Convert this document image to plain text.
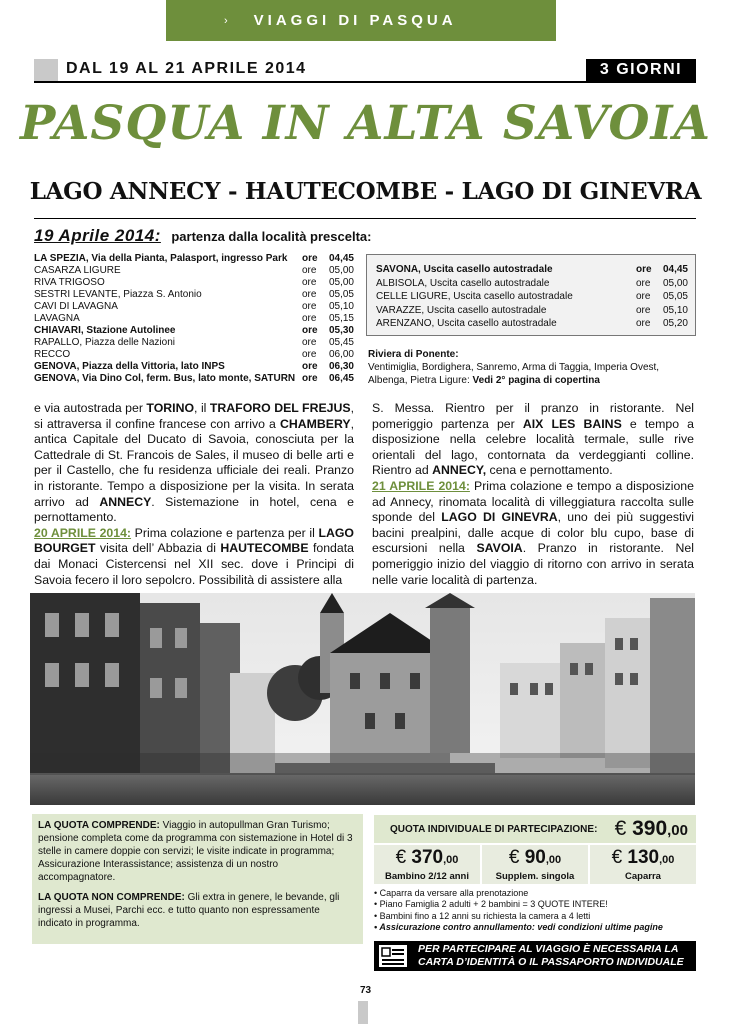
› VIAGGI DI PASQUA
DAL 19 AL 21 APRILE 2014	3 GIORNI
PASQUA IN ALTA SAVOIA
LAGO ANNECY - HAUTECOMBE - LAGO DI GINEVRA
19 Aprile 2014: partenza dalla località prescelta:
LA SPEZIA, Via della Pianta, Palasport, ingresso Park	ore	04,45
CASARZA LIGURE	ore	05,00
RIVA TRIGOSO	ore	05,00
SESTRI LEVANTE, Piazza S. Antonio	ore	05,05
CAVI DI LAVAGNA	ore	05,10
LAVAGNA	ore	05,15
CHIAVARI, Stazione Autolinee	ore	05,30
RAPALLO, Piazza delle Nazioni	ore	05,45
RECCO	ore	06,00
GENOVA, Piazza della Vittoria, lato INPS	ore	06,30
GENOVA, Via Dino Col, ferm. Bus, lato monte, SATURN ore	06,45
SAVONA, Uscita casello autostradale	ore	04,45
ALBISOLA, Uscita casello autostradale	ore	05,00
CELLE LIGURE, Uscita casello autostradale	ore	05,05
VARAZZE, Uscita casello autostradale	ore	05,10
ARENZANO, Uscita casello autostradale	ore	05,20
Riviera di Ponente:
Ventimiglia, Bordighera, Sanremo, Arma di Taggia, Imperia Ovest,
Albenga, Pietra Ligure: Vedi 2° pagina di copertina
e via autostrada per TORINO, il TRAFORO DEL FREJUS, si attraversa il confine francese con arrivo a CHAMBERY, antica Capitale del Ducato di Savoia, conosciuta per la Cattedrale di St. Francois de Sales, il museo di belle arti e per il Castello, che fu residenza ufficiale dei reali. Pranzo in ristorante. Tempo a disposizione per la visita. In serata arrivo ad ANNECY. Sistemazione in hotel, cena e pernottamento.
20 APRILE 2014: Prima colazione e partenza per il LAGO BOURGET visita dell’ Abbazia di HAUTECOMBE fondata dai Monaci Cistercensi nel XII sec. dove i Principi di Savoia fecero il loro sepolcro. Possibilità di assistere alla
S. Messa. Rientro per il pranzo in ristorante. Nel pomeriggio partenza per AIX LES BAINS e tempo a disposizione nella celebre località termale, sulle rive orientali del lago, contornata da verdeggianti colline. Rientro ad ANNECY, cena e pernottamento.
21 APRILE 2014: Prima colazione e tempo a disposizione ad Annecy, rinomata località di villeggiatura raccolta sulle sponde del LAGO DI GINEVRA, uno dei più suggestivi bacini prealpini, dalle acque di color blu cupo, base di escursioni nella SAVOIA. Pranzo in ristorante. Nel pomeriggio inizio del viaggio di ritorno con arrivo in serata nelle varie località di partenza.

LA QUOTA COMPRENDE: Viaggio in autopullman Gran Turismo; pensione completa come da programma con sistemazione in Hotel di 3 stelle in camere doppie con servizi; le visite indicate in programma; Assicurazione Interassistance; assistenza di un nostro accompagnatore.

LA QUOTA NON COMPRENDE: Gli extra in genere, le bevande, gli ingressi a Musei, Parchi ecc. e tutto quanto non espressamente indicato in programma.

QUOTA INDIVIDUALE DI PARTECIPAZIONE: € 390,00
€ 370,00
Bambino 2/12 anni
€ 90,00
Supplem. singola
€ 130,00
Caparra
• Caparra da versare alla prenotazione
• Piano Famiglia 2 adulti + 2 bambini = 3 QUOTE INTERE!
• Bambini fino a 12 anni su richiesta la camera a 4 letti
• Assicurazione contro annullamento: vedi condizioni ultime pagine
PER PARTECIPARE AL VIAGGIO È NECESSARIA LA
CARTA D’IDENTITÀ O IL PASSAPORTO INDIVIDUALE
73
